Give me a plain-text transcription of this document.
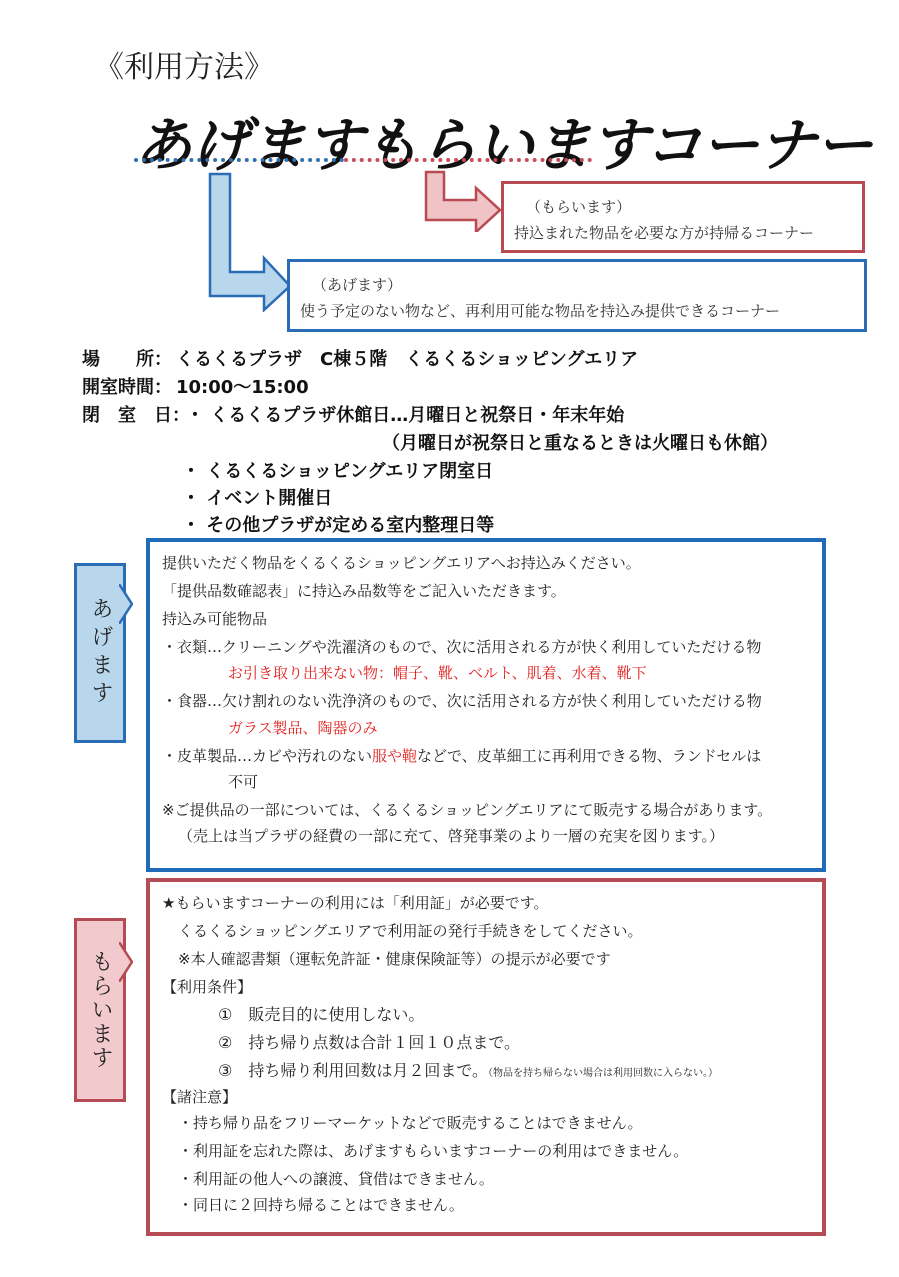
《利用方法》
あげますもらいますコーナー
（もらいます）
持込まれた物品を必要な方が持帰るコーナー
（あげます）
使う予定のない物など、再利用可能な物品を持込み提供できるコーナー
場　　所： くるくるプラザ　C棟５階　くるくるショッピングエリア
開室時間： 10:00～15:00
閉　室　日：
・ くるくるプラザ休館日…月曜日と祝祭日・年末年始
（月曜日が祝祭日と重なるときは火曜日も休館）
・ くるくるショッピングエリア閉室日
・ イベント開催日
・ その他プラザが定める室内整理日等
あげます
提供いただく物品をくるくるショッピングエリアへお持込みください。
「提供品数確認表」に持込み品数等をご記入いただきます。
持込み可能物品
・衣類…クリーニングや洗濯済のもので、次に活用される方が快く利用していただける物
お引き取り出来ない物：帽子、靴、ベルト、肌着、水着、靴下
・食器…欠け割れのない洗浄済のもので、次に活用される方が快く利用していただける物
ガラス製品、陶器のみ
・皮革製品…カビや汚れのない服や鞄などで、皮革細工に再利用できる物、ランドセルは
不可
※ご提供品の一部については、くるくるショッピングエリアにて販売する場合があります。
（売上は当プラザの経費の一部に充て、啓発事業のより一層の充実を図ります。）
もらいます
★もらいますコーナーの利用には「利用証」が必要です。
くるくるショッピングエリアで利用証の発行手続きをしてください。
※本人確認書類（運転免許証・健康保険証等）の提示が必要です
【利用条件】
①　販売目的に使用しない。
②　持ち帰り点数は合計１回１０点まで。
③　持ち帰り利用回数は月２回まで。（物品を持ち帰らない場合は利用回数に入らない。）
【諸注意】
・持ち帰り品をフリーマーケットなどで販売することはできません。
・利用証を忘れた際は、あげますもらいますコーナーの利用はできません。
・利用証の他人への譲渡、貸借はできません。
・同日に２回持ち帰ることはできません。
